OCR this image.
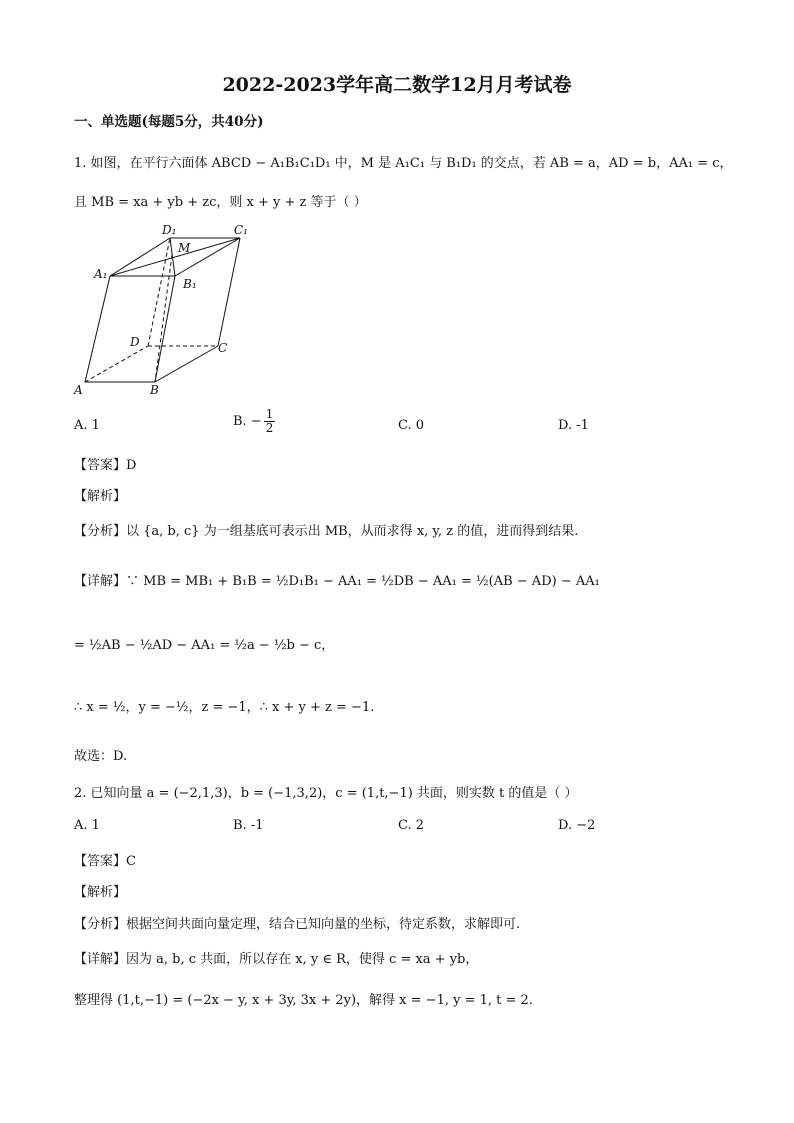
2022-2023学年高二数学12月月考试卷
一、单选题(每题5分，共40分)
1. 如图，在平行六面体 ABCD − A₁B₁C₁D₁ 中，M 是 A₁C₁ 与 B₁D₁ 的交点，若 AB = a，AD = b，AA₁ = c，
且 MB = xa + yb + zc，则 x + y + z 等于（ ）
D₁	C₁
M
A₁
B₁
D	C
A	B
A. 1	B. − $\frac{1}{2}$	C. 0	D. -1
【答案】D
【解析】
【分析】以 {a, b, c} 为一组基底可表示出 MB，从而求得 x, y, z 的值，进而得到结果.
【详解】∵ MB = MB₁ + B₁B = ½D₁B₁ − AA₁ = ½DB − AA₁ = ½(AB − AD) − AA₁
= ½AB − ½AD − AA₁ = ½a − ½b − c，
∴ x = ½，y = −½，z = −1，∴ x + y + z = −1.
故选：D.
2. 已知向量 a = (−2,1,3)，b = (−1,3,2)，c = (1,t,−1) 共面，则实数 t 的值是（ ）
A. 1	B. -1	C. 2	D. −2
【答案】C
【解析】
【分析】根据空间共面向量定理，结合已知向量的坐标，待定系数，求解即可.
【详解】因为 a, b, c 共面，所以存在 x, y ∈ R，使得 c = xa + yb，
整理得 (1,t,−1) = (−2x − y, x + 3y, 3x + 2y)，解得 x = −1, y = 1, t = 2.
